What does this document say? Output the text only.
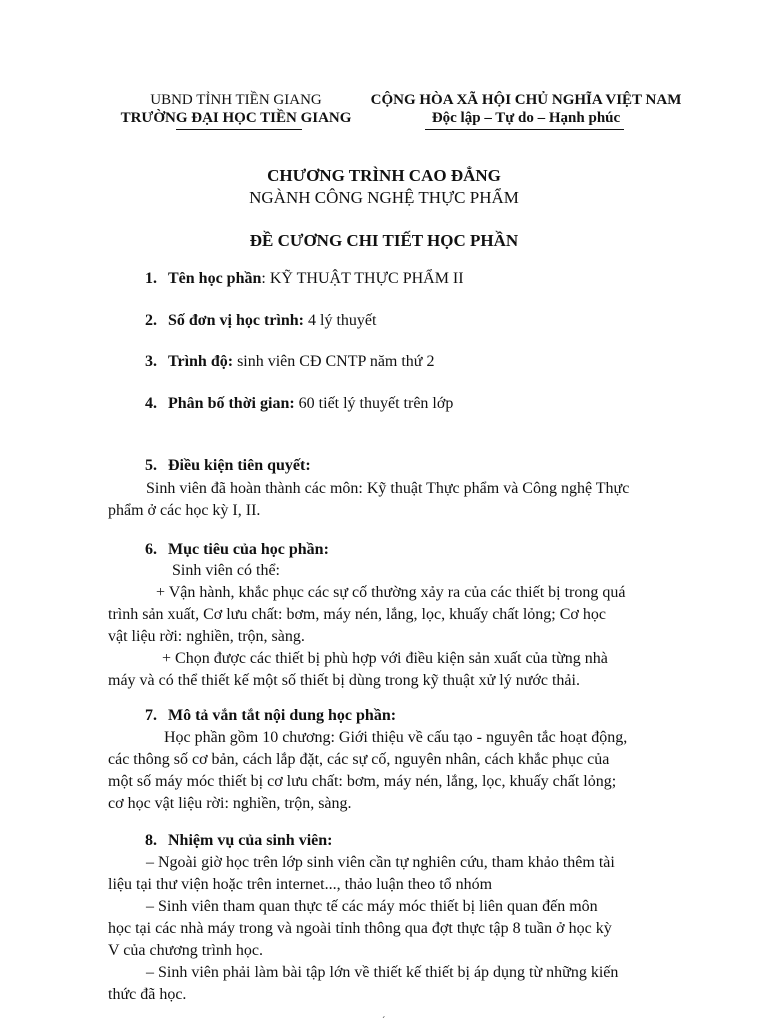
UBND TỈNH TIỀN GIANG
TRƯỜNG ĐẠI HỌC TIỀN GIANG
CỘNG HÒA XÃ HỘI CHỦ NGHĨA VIỆT NAM
Độc lập – Tự do – Hạnh phúc
CHƯƠNG TRÌNH CAO ĐẲNG
NGÀNH CÔNG NGHỆ THỰC PHẨM
ĐỀ CƯƠNG CHI TIẾT HỌC PHẦN
1. Tên học phần: KỸ THUẬT THỰC PHẨM II
2. Số đơn vị học trình: 4 lý thuyết
3. Trình độ: sinh viên CĐ CNTP năm thứ 2
4. Phân bố thời gian: 60 tiết lý thuyết trên lớp
5. Điều kiện tiên quyết:
Sinh viên đã hoàn thành các môn: Kỹ thuật Thực phẩm và Công nghệ Thực
phẩm ở các học kỳ I, II.
6. Mục tiêu của học phần:
Sinh viên có thể:
+ Vận hành, khắc phục các sự cố thường xảy ra của các thiết bị trong quá
trình sản xuất, Cơ lưu chất: bơm, máy nén, lắng, lọc, khuấy chất lỏng; Cơ học
vật liệu rời: nghiền, trộn, sàng.
+ Chọn được các thiết bị phù hợp với điều kiện sản xuất của từng nhà
máy và có thể thiết kế một số thiết bị dùng trong kỹ thuật xử lý nước thải.
7. Mô tả vắn tắt nội dung học phần:
Học phần gồm 10 chương: Giới thiệu về cấu tạo - nguyên tắc hoạt động,
các thông số cơ bản, cách lắp đặt, các sự cố, nguyên nhân, cách khắc phục của
một số máy móc thiết bị cơ lưu chất: bơm, máy nén, lắng, lọc, khuấy chất lỏng;
cơ học vật liệu rời: nghiền, trộn, sàng.
8. Nhiệm vụ của sinh viên:
– Ngoài giờ học trên lớp sinh viên cần tự nghiên cứu, tham khảo thêm tài
liệu tại thư viện hoặc trên internet..., thảo luận theo tổ nhóm
– Sinh viên tham quan thực tế các máy móc thiết bị liên quan đến môn
học tại các nhà máy trong và ngoài tỉnh thông qua đợt thực tập 8 tuần ở học kỳ
V của chương trình học.
– Sinh viên phải làm bài tập lớn về thiết kế thiết bị áp dụng từ những kiến
thức đã học.
ˊ
